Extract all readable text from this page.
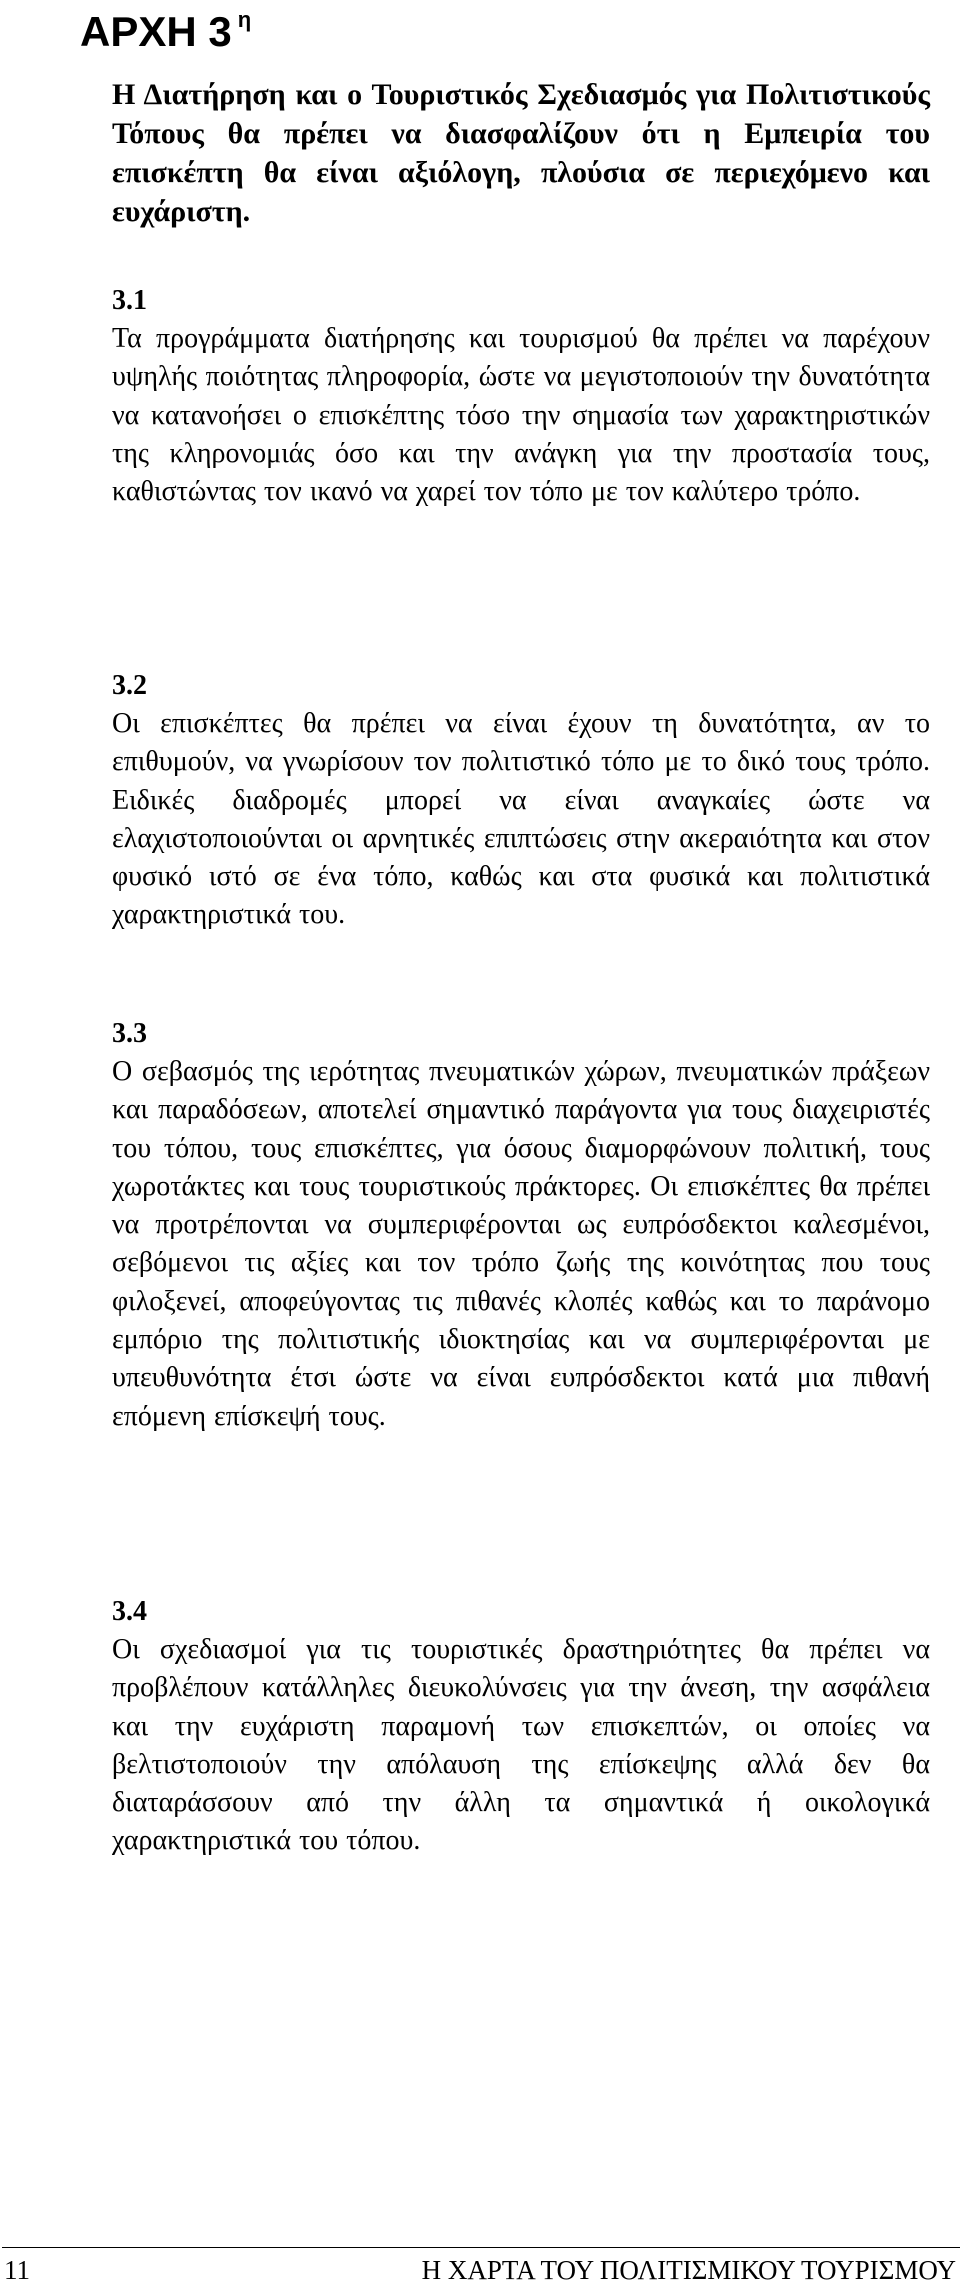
ΑΡΧΗ 3 $^\eta$

Η Διατήρηση και ο Τουριστικός Σχεδιασμός για Πολιτιστικούς Τόπους θα πρέπει να διασφαλίζουν ότι η Εμπειρία του επισκέπτη θα είναι αξιόλογη, πλούσια σε περιεχόμενο και ευχάριστη.

3.1

Τα προγράμματα διατήρησης και τουρισμού θα πρέπει να παρέχουν υψηλής ποιότητας πληροφορία, ώστε να μεγιστοποιούν την δυνατότητα να κατανοήσει ο επισκέπτης τόσο την σημασία των χαρακτηριστικών της κληρονομιάς όσο και την ανάγκη για την προστασία τους, καθιστώντας τον ικανό να χαρεί τον τόπο με τον καλύτερο τρόπο.

3.2

Οι επισκέπτες θα πρέπει να είναι έχουν τη δυνατότητα, αν το επιθυμούν, να γνωρίσουν τον πολιτιστικό τόπο με το δικό τους τρόπο. Ειδικές διαδρομές μπορεί να είναι αναγκαίες ώστε να ελαχιστοποιούνται οι αρνητικές επιπτώσεις στην ακεραιότητα και στον φυσικό ιστό σε ένα τόπο, καθώς και στα φυσικά και πολιτιστικά χαρακτηριστικά του.

3.3

Ο σεβασμός της ιερότητας πνευματικών χώρων, πνευματικών πράξεων και παραδόσεων, αποτελεί σημαντικό παράγοντα για τους διαχειριστές του τόπου, τους επισκέπτες, για όσους διαμορφώνουν πολιτική, τους χωροτάκτες και τους τουριστικούς πράκτορες. Οι επισκέπτες θα πρέπει να προτρέπονται να συμπεριφέρονται ως ευπρόσδεκτοι καλεσμένοι, σεβόμενοι τις αξίες και τον τρόπο ζωής της κοινότητας που τους φιλοξενεί, αποφεύγοντας τις πιθανές κλοπές καθώς και το παράνομο εμπόριο της πολιτιστικής ιδιοκτησίας και να συμπεριφέρονται με υπευθυνότητα έτσι ώστε να είναι ευπρόσδεκτοι κατά μια πιθανή επόμενη επίσκεψή τους.

3.4

Οι σχεδιασμοί για τις τουριστικές δραστηριότητες θα πρέπει να προβλέπουν κατάλληλες διευκολύνσεις για την άνεση, την ασφάλεια και την ευχάριστη παραμονή των επισκεπτών, οι οποίες να βελτιστοποιούν την απόλαυση της επίσκεψης αλλά δεν θα διαταράσσουν από την άλλη τα σημαντικά ή οικολογικά χαρακτηριστικά του τόπου.

11	Η ΧΑΡΤΑ ΤΟΥ ΠΟΛΙΤΙΣΜΙΚΟΥ ΤΟΥΡΙΣΜΟΥ
